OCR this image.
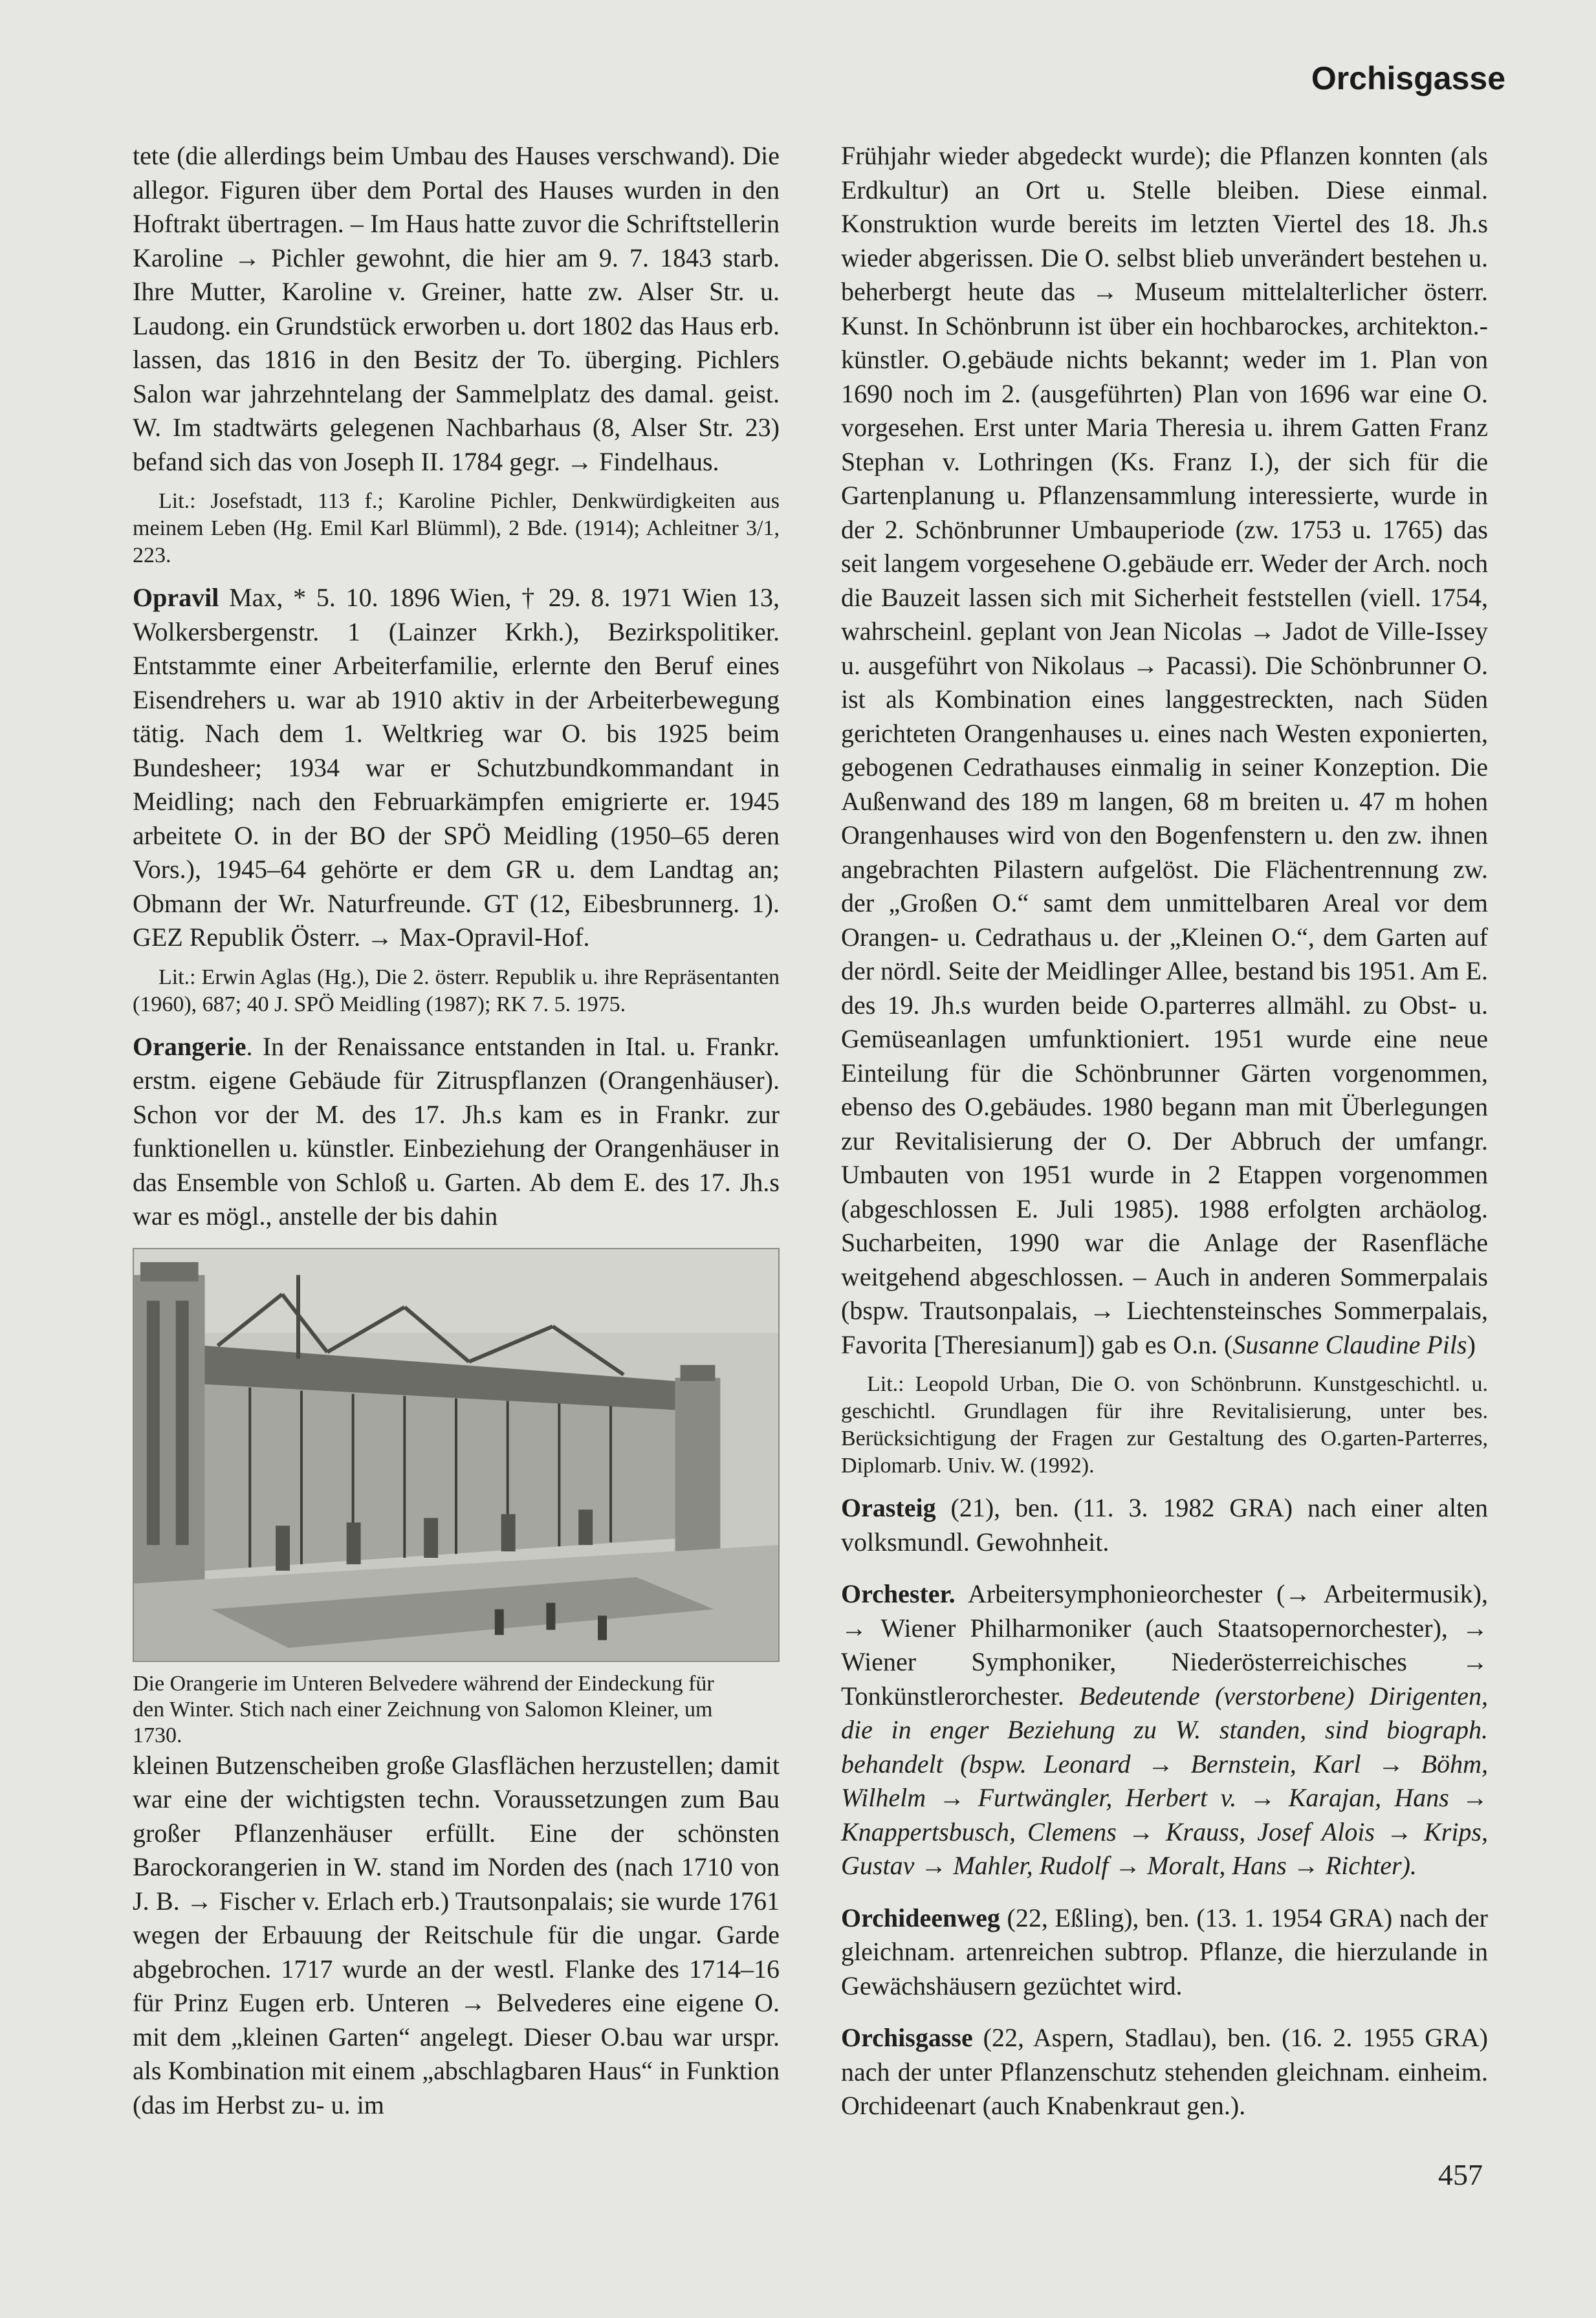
Orchisgasse

tete (die allerdings beim Umbau des Hauses verschwand). Die allegor. Figuren über dem Portal des Hauses wurden in den Hoftrakt übertragen. – Im Haus hatte zuvor die Schriftstellerin Karoline → Pichler gewohnt, die hier am 9. 7. 1843 starb. Ihre Mutter, Karoline v. Greiner, hatte zw. Alser Str. u. Laudong. ein Grundstück erworben u. dort 1802 das Haus erb. lassen, das 1816 in den Besitz der To. überging. Pichlers Salon war jahrzehntelang der Sammelplatz des damal. geist. W. Im stadtwärts gelegenen Nachbarhaus (8, Alser Str. 23) befand sich das von Joseph II. 1784 gegr. → Findelhaus.

Lit.: Josefstadt, 113 f.; Karoline Pichler, Denkwürdigkeiten aus meinem Leben (Hg. Emil Karl Blümml), 2 Bde. (1914); Achleitner 3/1, 223.

Opravil Max, * 5. 10. 1896 Wien, † 29. 8. 1971 Wien 13, Wolkersbergenstr. 1 (Lainzer Krkh.), Bezirkspolitiker. Entstammte einer Arbeiterfamilie, erlernte den Beruf eines Eisendrehers u. war ab 1910 aktiv in der Arbeiterbewegung tätig. Nach dem 1. Weltkrieg war O. bis 1925 beim Bundesheer; 1934 war er Schutzbundkommandant in Meidling; nach den Februarkämpfen emigrierte er. 1945 arbeitete O. in der BO der SPÖ Meidling (1950–65 deren Vors.), 1945–64 gehörte er dem GR u. dem Landtag an; Obmann der Wr. Naturfreunde. GT (12, Eibesbrunnerg. 1). GEZ Republik Österr. → Max-Opravil-Hof.

Lit.: Erwin Aglas (Hg.), Die 2. österr. Republik u. ihre Repräsentanten (1960), 687; 40 J. SPÖ Meidling (1987); RK 7. 5. 1975.

Orangerie. In der Renaissance entstanden in Ital. u. Frankr. erstm. eigene Gebäude für Zitruspflanzen (Orangenhäuser). Schon vor der M. des 17. Jh.s kam es in Frankr. zur funktionellen u. künstler. Einbeziehung der Orangenhäuser in das Ensemble von Schloß u. Garten. Ab dem E. des 17. Jh.s war es mögl., anstelle der bis dahin

Die Orangerie im Unteren Belvedere während der Eindeckung für den Winter. Stich nach einer Zeichnung von Salomon Kleiner, um 1730.

kleinen Butzenscheiben große Glasflächen herzustellen; damit war eine der wichtigsten techn. Voraussetzungen zum Bau großer Pflanzenhäuser erfüllt. Eine der schönsten Barockorangerien in W. stand im Norden des (nach 1710 von J. B. → Fischer v. Erlach erb.) Trautsonpalais; sie wurde 1761 wegen der Erbauung der Reitschule für die ungar. Garde abgebrochen. 1717 wurde an der westl. Flanke des 1714–16 für Prinz Eugen erb. Unteren → Belvederes eine eigene O. mit dem „kleinen Garten“ angelegt. Dieser O.bau war urspr. als Kombination mit einem „abschlagbaren Haus“ in Funktion (das im Herbst zu- u. im

Frühjahr wieder abgedeckt wurde); die Pflanzen konnten (als Erdkultur) an Ort u. Stelle bleiben. Diese einmal. Konstruktion wurde bereits im letzten Viertel des 18. Jh.s wieder abgerissen. Die O. selbst blieb unverändert bestehen u. beherbergt heute das → Museum mittelalterlicher österr. Kunst. In Schönbrunn ist über ein hochbarockes, architekton.-künstler. O.gebäude nichts bekannt; weder im 1. Plan von 1690 noch im 2. (ausgeführten) Plan von 1696 war eine O. vorgesehen. Erst unter Maria Theresia u. ihrem Gatten Franz Stephan v. Lothringen (Ks. Franz I.), der sich für die Gartenplanung u. Pflanzensammlung interessierte, wurde in der 2. Schönbrunner Umbauperiode (zw. 1753 u. 1765) das seit langem vorgesehene O.gebäude err. Weder der Arch. noch die Bauzeit lassen sich mit Sicherheit feststellen (viell. 1754, wahrscheinl. geplant von Jean Nicolas → Jadot de Ville-Issey u. ausgeführt von Nikolaus → Pacassi). Die Schönbrunner O. ist als Kombination eines langgestreckten, nach Süden gerichteten Orangenhauses u. eines nach Westen exponierten, gebogenen Cedrathauses einmalig in seiner Konzeption. Die Außenwand des 189 m langen, 68 m breiten u. 47 m hohen Orangenhauses wird von den Bogenfenstern u. den zw. ihnen angebrachten Pilastern aufgelöst. Die Flächentrennung zw. der „Großen O.“ samt dem unmittelbaren Areal vor dem Orangen- u. Cedrathaus u. der „Kleinen O.“, dem Garten auf der nördl. Seite der Meidlinger Allee, bestand bis 1951. Am E. des 19. Jh.s wurden beide O.parterres allmähl. zu Obst- u. Gemüseanlagen umfunktioniert. 1951 wurde eine neue Einteilung für die Schönbrunner Gärten vorgenommen, ebenso des O.gebäudes. 1980 begann man mit Überlegungen zur Revitalisierung der O. Der Abbruch der umfangr. Umbauten von 1951 wurde in 2 Etappen vorgenommen (abgeschlossen E. Juli 1985). 1988 erfolgten archäolog. Sucharbeiten, 1990 war die Anlage der Rasenfläche weitgehend abgeschlossen. – Auch in anderen Sommerpalais (bspw. Trautsonpalais, → Liechtensteinsches Sommerpalais, Favorita [Theresianum]) gab es O.n. (Susanne Claudine Pils)

Lit.: Leopold Urban, Die O. von Schönbrunn. Kunstgeschichtl. u. geschichtl. Grundlagen für ihre Revitalisierung, unter bes. Berücksichtigung der Fragen zur Gestaltung des O.garten-Parterres, Diplomarb. Univ. W. (1992).

Orasteig (21), ben. (11. 3. 1982 GRA) nach einer alten volksmundl. Gewohnheit.

Orchester. Arbeitersymphonieorchester (→ Arbeitermusik), → Wiener Philharmoniker (auch Staatsopernorchester), → Wiener Symphoniker, Niederösterreichisches → Tonkünstlerorchester. Bedeutende (verstorbene) Dirigenten, die in enger Beziehung zu W. standen, sind biograph. behandelt (bspw. Leonard → Bernstein, Karl → Böhm, Wilhelm → Furtwängler, Herbert v. → Karajan, Hans → Knappertsbusch, Clemens → Krauss, Josef Alois → Krips, Gustav → Mahler, Rudolf → Moralt, Hans → Richter).

Orchideenweg (22, Eßling), ben. (13. 1. 1954 GRA) nach der gleichnam. artenreichen subtrop. Pflanze, die hierzulande in Gewächshäusern gezüchtet wird.

Orchisgasse (22, Aspern, Stadlau), ben. (16. 2. 1955 GRA) nach der unter Pflanzenschutz stehenden gleichnam. einheim. Orchideenart (auch Knabenkraut gen.).

457
